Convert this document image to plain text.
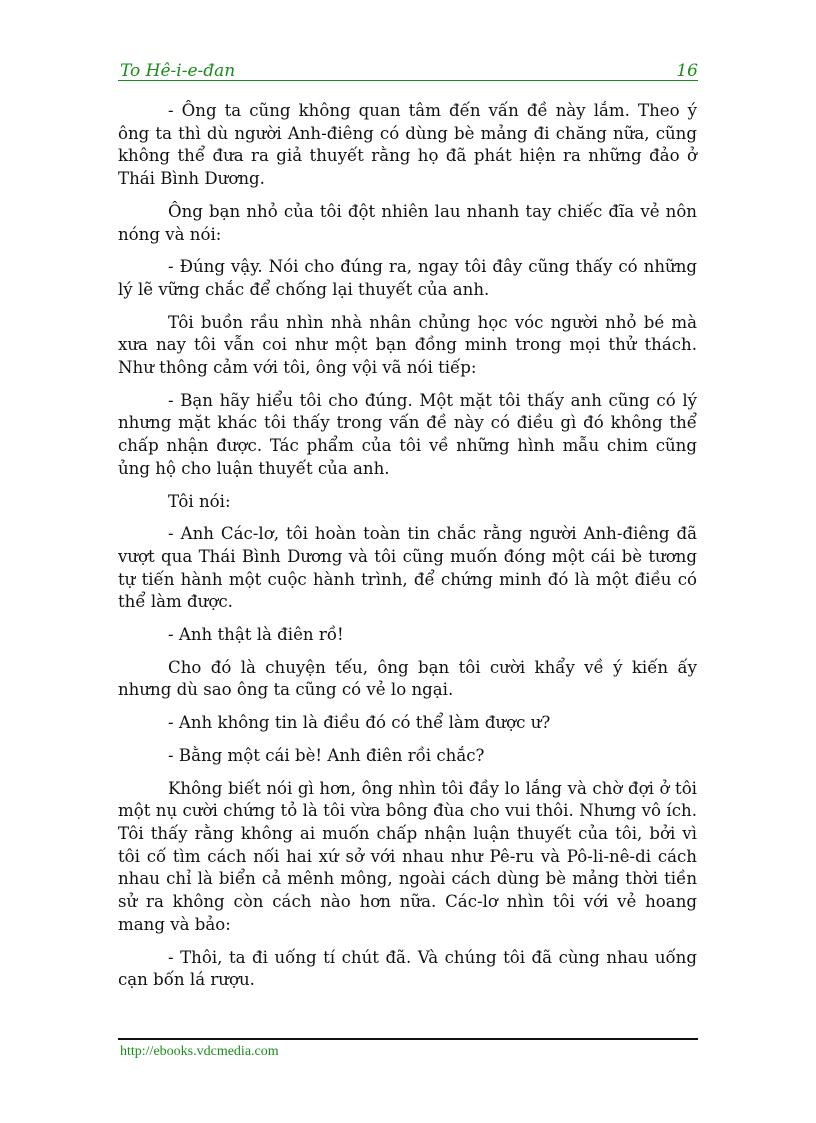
To Hê-i-e-đan	16

- Ông ta cũng không quan tâm đến vấn đề này lắm. Theo ý ông ta thì dù người Anh-điêng có dùng bè mảng đi chăng nữa, cũng không thể đưa ra giả thuyết rằng họ đã phát hiện ra những đảo ở Thái Bình Dương.

Ông bạn nhỏ của tôi đột nhiên lau nhanh tay chiếc đĩa vẻ nôn nóng và nói:

- Đúng vậy. Nói cho đúng ra, ngay tôi đây cũng thấy có những lý lẽ vững chắc để chống lại thuyết của anh.

Tôi buồn rầu nhìn nhà nhân chủng học vóc người nhỏ bé mà xưa nay tôi vẫn coi như một bạn đồng minh trong mọi thử thách. Như thông cảm với tôi, ông vội vã nói tiếp:

- Bạn hãy hiểu tôi cho đúng. Một mặt tôi thấy anh cũng có lý nhưng mặt khác tôi thấy trong vấn đề này có điều gì đó không thể chấp nhận được. Tác phẩm của tôi về những hình mẫu chim cũng ủng hộ cho luận thuyết của anh.

Tôi nói:

- Anh Các-lơ, tôi hoàn toàn tin chắc rằng người Anh-điêng đã vượt qua Thái Bình Dương và tôi cũng muốn đóng một cái bè tương tự tiến hành một cuộc hành trình, để chứng minh đó là một điều có thể làm được.

- Anh thật là điên rồ!

Cho đó là chuyện tếu, ông bạn tôi cười khẩy về ý kiến ấy nhưng dù sao ông ta cũng có vẻ lo ngại.

- Anh không tin là điều đó có thể làm được ư?

- Bằng một cái bè! Anh điên rồi chắc?

Không biết nói gì hơn, ông nhìn tôi đầy lo lắng và chờ đợi ở tôi một nụ cười chứng tỏ là tôi vừa bông đùa cho vui thôi. Nhưng vô ích. Tôi thấy rằng không ai muốn chấp nhận luận thuyết của tôi, bởi vì tôi cố tìm cách nối hai xứ sở với nhau như Pê-ru và Pô-li-nê-di cách nhau chỉ là biển cả mênh mông, ngoài cách dùng bè mảng thời tiền sử ra không còn cách nào hơn nữa. Các-lơ nhìn tôi với vẻ hoang mang và bảo:

- Thôi, ta đi uống tí chút đã. Và chúng tôi đã cùng nhau uống cạn bốn lá rượu.

http://ebooks.vdcmedia.com
